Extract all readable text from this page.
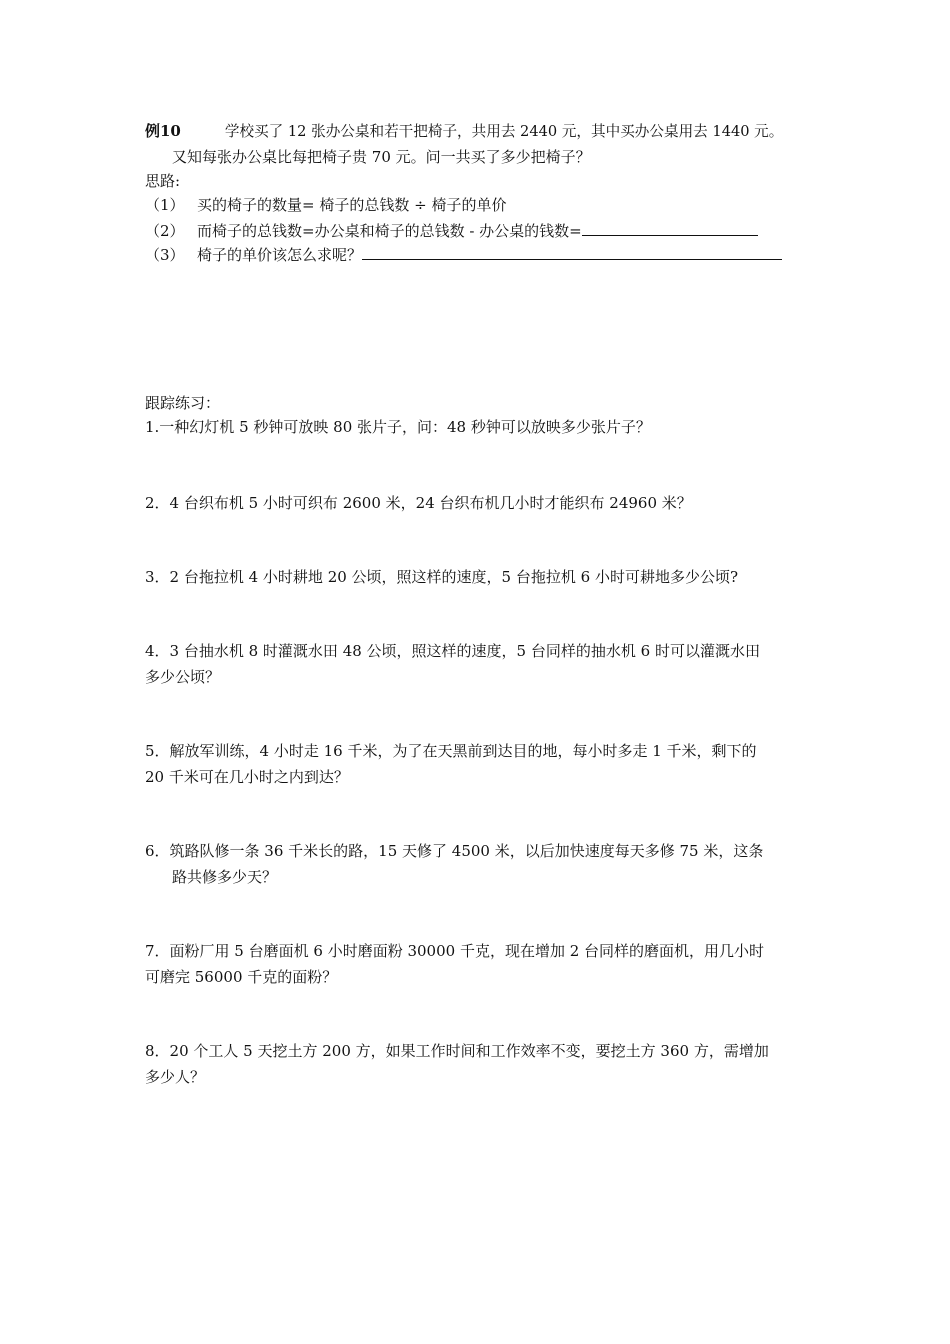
例10	学校买了 12 张办公桌和若干把椅子，共用去 2440 元，其中买办公桌用去 1440 元。
又知每张办公桌比每把椅子贵 70 元。问一共买了多少把椅子？
思路:
（1） 买的椅子的数量= 椅子的总钱数 ÷ 椅子的单价
（2） 而椅子的总钱数=办公桌和椅子的总钱数 - 办公桌的钱数=
（3） 椅子的单价该怎么求呢？
跟踪练习：
1.一种幻灯机 5 秒钟可放映 80 张片子，问：48 秒钟可以放映多少张片子？
2．4 台织布机 5 小时可织布 2600 米，24 台织布机几小时才能织布 24960 米？
3．2 台拖拉机 4 小时耕地 20 公顷，照这样的速度，5 台拖拉机 6 小时可耕地多少公顷?
4．3 台抽水机 8 时灌溉水田 48 公顷，照这样的速度，5 台同样的抽水机 6 时可以灌溉水田
多少公顷？
5．解放军训练，4 小时走 16 千米，为了在天黑前到达目的地，每小时多走 1 千米，剩下的
20 千米可在几小时之内到达？
6．筑路队修一条 36 千米长的路，15 天修了 4500 米，以后加快速度每天多修 75 米，这条
路共修多少天？
7．面粉厂用 5 台磨面机 6 小时磨面粉 30000 千克，现在增加 2 台同样的磨面机，用几小时
可磨完 56000 千克的面粉？
8．20 个工人 5 天挖土方 200 方，如果工作时间和工作效率不变，要挖土方 360 方，需增加
多少人？
